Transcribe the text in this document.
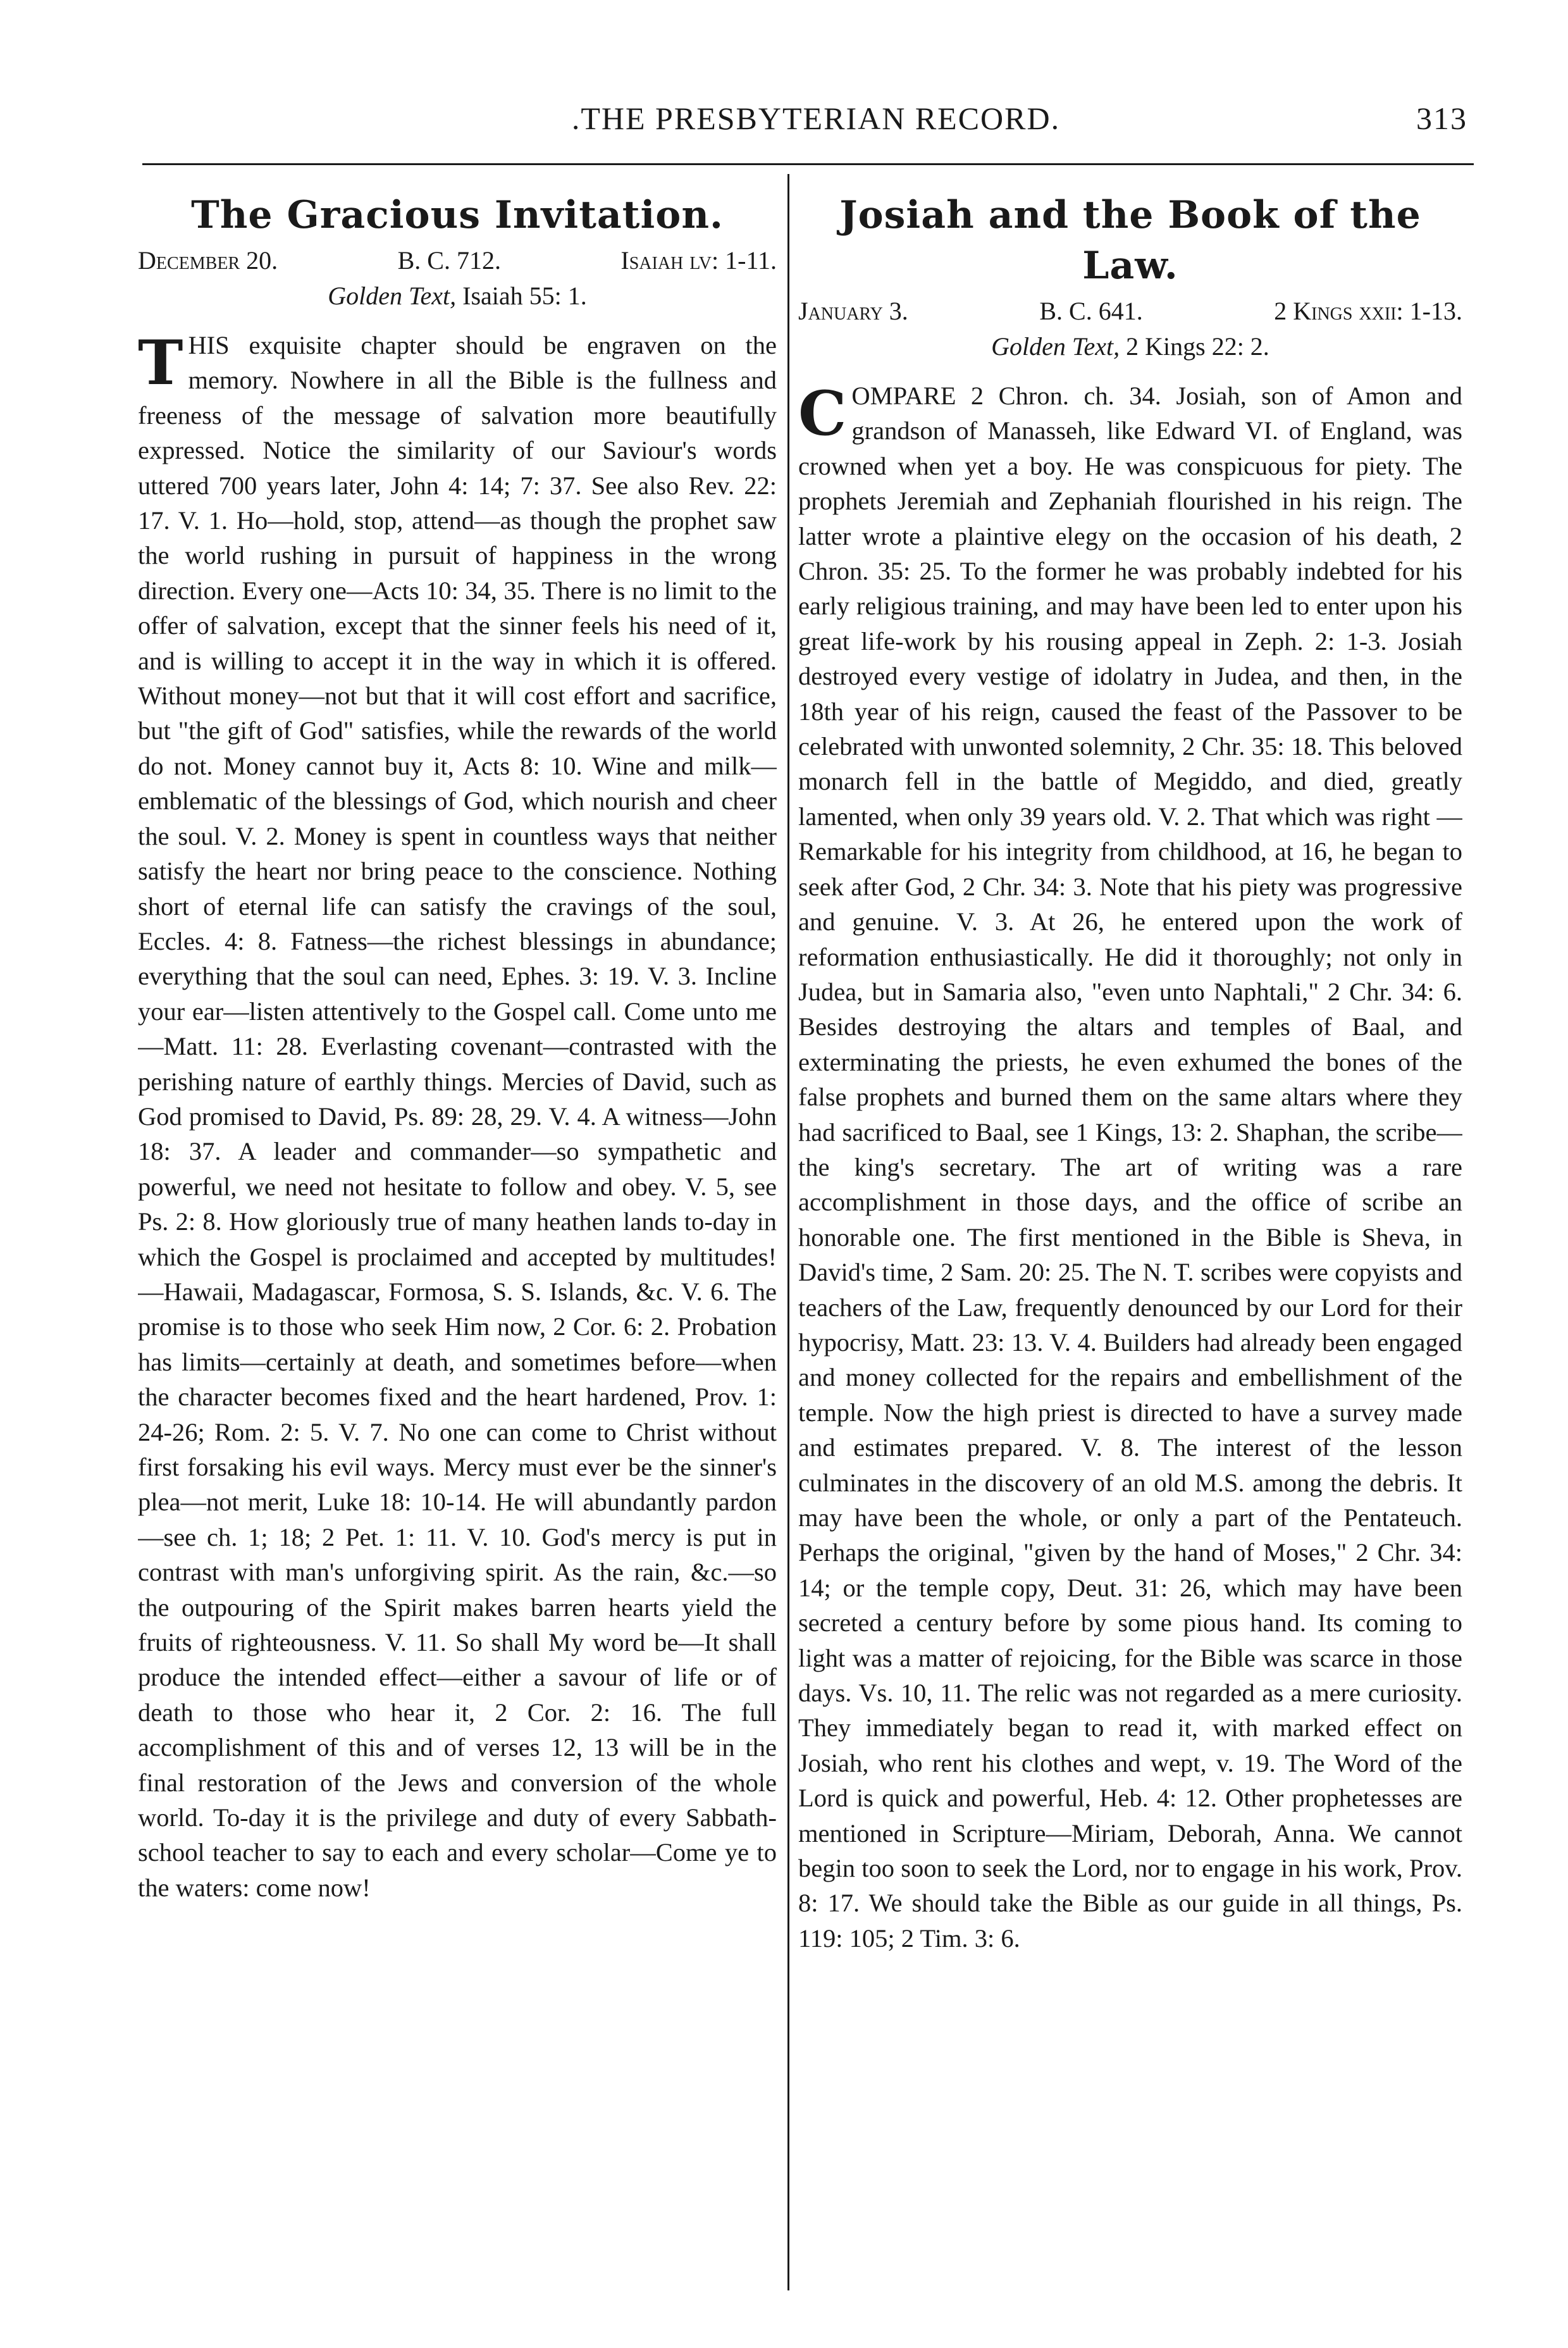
.THE PRESBYTERIAN RECORD.	313
The Gracious Invitation.
December 20.	B. C. 712.	Isaiah lv: 1-11.
Golden Text, Isaiah 55: 1.

THIS exquisite chapter should be engraven on the memory. Nowhere in all the Bible is the fullness and freeness of the message of salvation more beautifully expressed. Notice the similarity of our Saviour's words uttered 700 years later, John 4: 14; 7: 37. See also Rev. 22: 17. V. 1. Ho—hold, stop, attend—as though the prophet saw the world rushing in pursuit of happiness in the wrong direction. Every one—Acts 10: 34, 35. There is no limit to the offer of salvation, except that the sinner feels his need of it, and is willing to accept it in the way in which it is offered. Without money—not but that it will cost effort and sacrifice, but "the gift of God" satisfies, while the rewards of the world do not. Money cannot buy it, Acts 8: 10. Wine and milk—emblematic of the blessings of God, which nourish and cheer the soul. V. 2. Money is spent in countless ways that neither satisfy the heart nor bring peace to the conscience. Nothing short of eternal life can satisfy the cravings of the soul, Eccles. 4: 8. Fatness—the richest blessings in abundance; everything that the soul can need, Ephes. 3: 19. V. 3. Incline your ear—listen attentively to the Gospel call. Come unto me—Matt. 11: 28. Everlasting covenant—contrasted with the perishing nature of earthly things. Mercies of David, such as God promised to David, Ps. 89: 28, 29. V. 4. A witness—John 18: 37. A leader and commander—so sympathetic and powerful, we need not hesitate to follow and obey. V. 5, see Ps. 2: 8. How gloriously true of many heathen lands to-day in which the Gospel is proclaimed and accepted by multitudes!—Hawaii, Madagascar, Formosa, S. S. Islands, &c. V. 6. The promise is to those who seek Him now, 2 Cor. 6: 2. Probation has limits—certainly at death, and sometimes before—when the character becomes fixed and the heart hardened, Prov. 1: 24-26; Rom. 2: 5. V. 7. No one can come to Christ without first forsaking his evil ways. Mercy must ever be the sinner's plea—not merit, Luke 18: 10-14. He will abundantly pardon—see ch. 1; 18; 2 Pet. 1: 11. V. 10. God's mercy is put in contrast with man's unforgiving spirit. As the rain, &c.—so the outpouring of the Spirit makes barren hearts yield the fruits of righteousness. V. 11. So shall My word be—It shall produce the intended effect—either a savour of life or of death to those who hear it, 2 Cor. 2: 16. The full accomplishment of this and of verses 12, 13 will be in the final restoration of the Jews and conversion of the whole world. To-day it is the privilege and duty of every Sabbath-school teacher to say to each and every scholar—Come ye to the waters: come now!

Josiah and the Book of the Law.
January 3.	B. C. 641.	2 Kings xxii: 1-13.
Golden Text, 2 Kings 22: 2.

COMPARE 2 Chron. ch. 34. Josiah, son of Amon and grandson of Manasseh, like Edward VI. of England, was crowned when yet a boy. He was conspicuous for piety. The prophets Jeremiah and Zephaniah flourished in his reign. The latter wrote a plaintive elegy on the occasion of his death, 2 Chron. 35: 25. To the former he was probably indebted for his early religious training, and may have been led to enter upon his great life-work by his rousing appeal in Zeph. 2: 1-3. Josiah destroyed every vestige of idolatry in Judea, and then, in the 18th year of his reign, caused the feast of the Passover to be celebrated with unwonted solemnity, 2 Chr. 35: 18. This beloved monarch fell in the battle of Megiddo, and died, greatly lamented, when only 39 years old. V. 2. That which was right — Remarkable for his integrity from childhood, at 16, he began to seek after God, 2 Chr. 34: 3. Note that his piety was progressive and genuine. V. 3. At 26, he entered upon the work of reformation enthusiastically. He did it thoroughly; not only in Judea, but in Samaria also, "even unto Naphtali," 2 Chr. 34: 6. Besides destroying the altars and temples of Baal, and exterminating the priests, he even exhumed the bones of the false prophets and burned them on the same altars where they had sacrificed to Baal, see 1 Kings, 13: 2. Shaphan, the scribe—the king's secretary. The art of writing was a rare accomplishment in those days, and the office of scribe an honorable one. The first mentioned in the Bible is Sheva, in David's time, 2 Sam. 20: 25. The N. T. scribes were copyists and teachers of the Law, frequently denounced by our Lord for their hypocrisy, Matt. 23: 13. V. 4. Builders had already been engaged and money collected for the repairs and embellishment of the temple. Now the high priest is directed to have a survey made and estimates prepared. V. 8. The interest of the lesson culminates in the discovery of an old M.S. among the debris. It may have been the whole, or only a part of the Pentateuch. Perhaps the original, "given by the hand of Moses," 2 Chr. 34: 14; or the temple copy, Deut. 31: 26, which may have been secreted a century before by some pious hand. Its coming to light was a matter of rejoicing, for the Bible was scarce in those days. Vs. 10, 11. The relic was not regarded as a mere curiosity. They immediately began to read it, with marked effect on Josiah, who rent his clothes and wept, v. 19. The Word of the Lord is quick and powerful, Heb. 4: 12. Other prophetesses are mentioned in Scripture—Miriam, Deborah, Anna. We cannot begin too soon to seek the Lord, nor to engage in his work, Prov. 8: 17. We should take the Bible as our guide in all things, Ps. 119: 105; 2 Tim. 3: 6.
